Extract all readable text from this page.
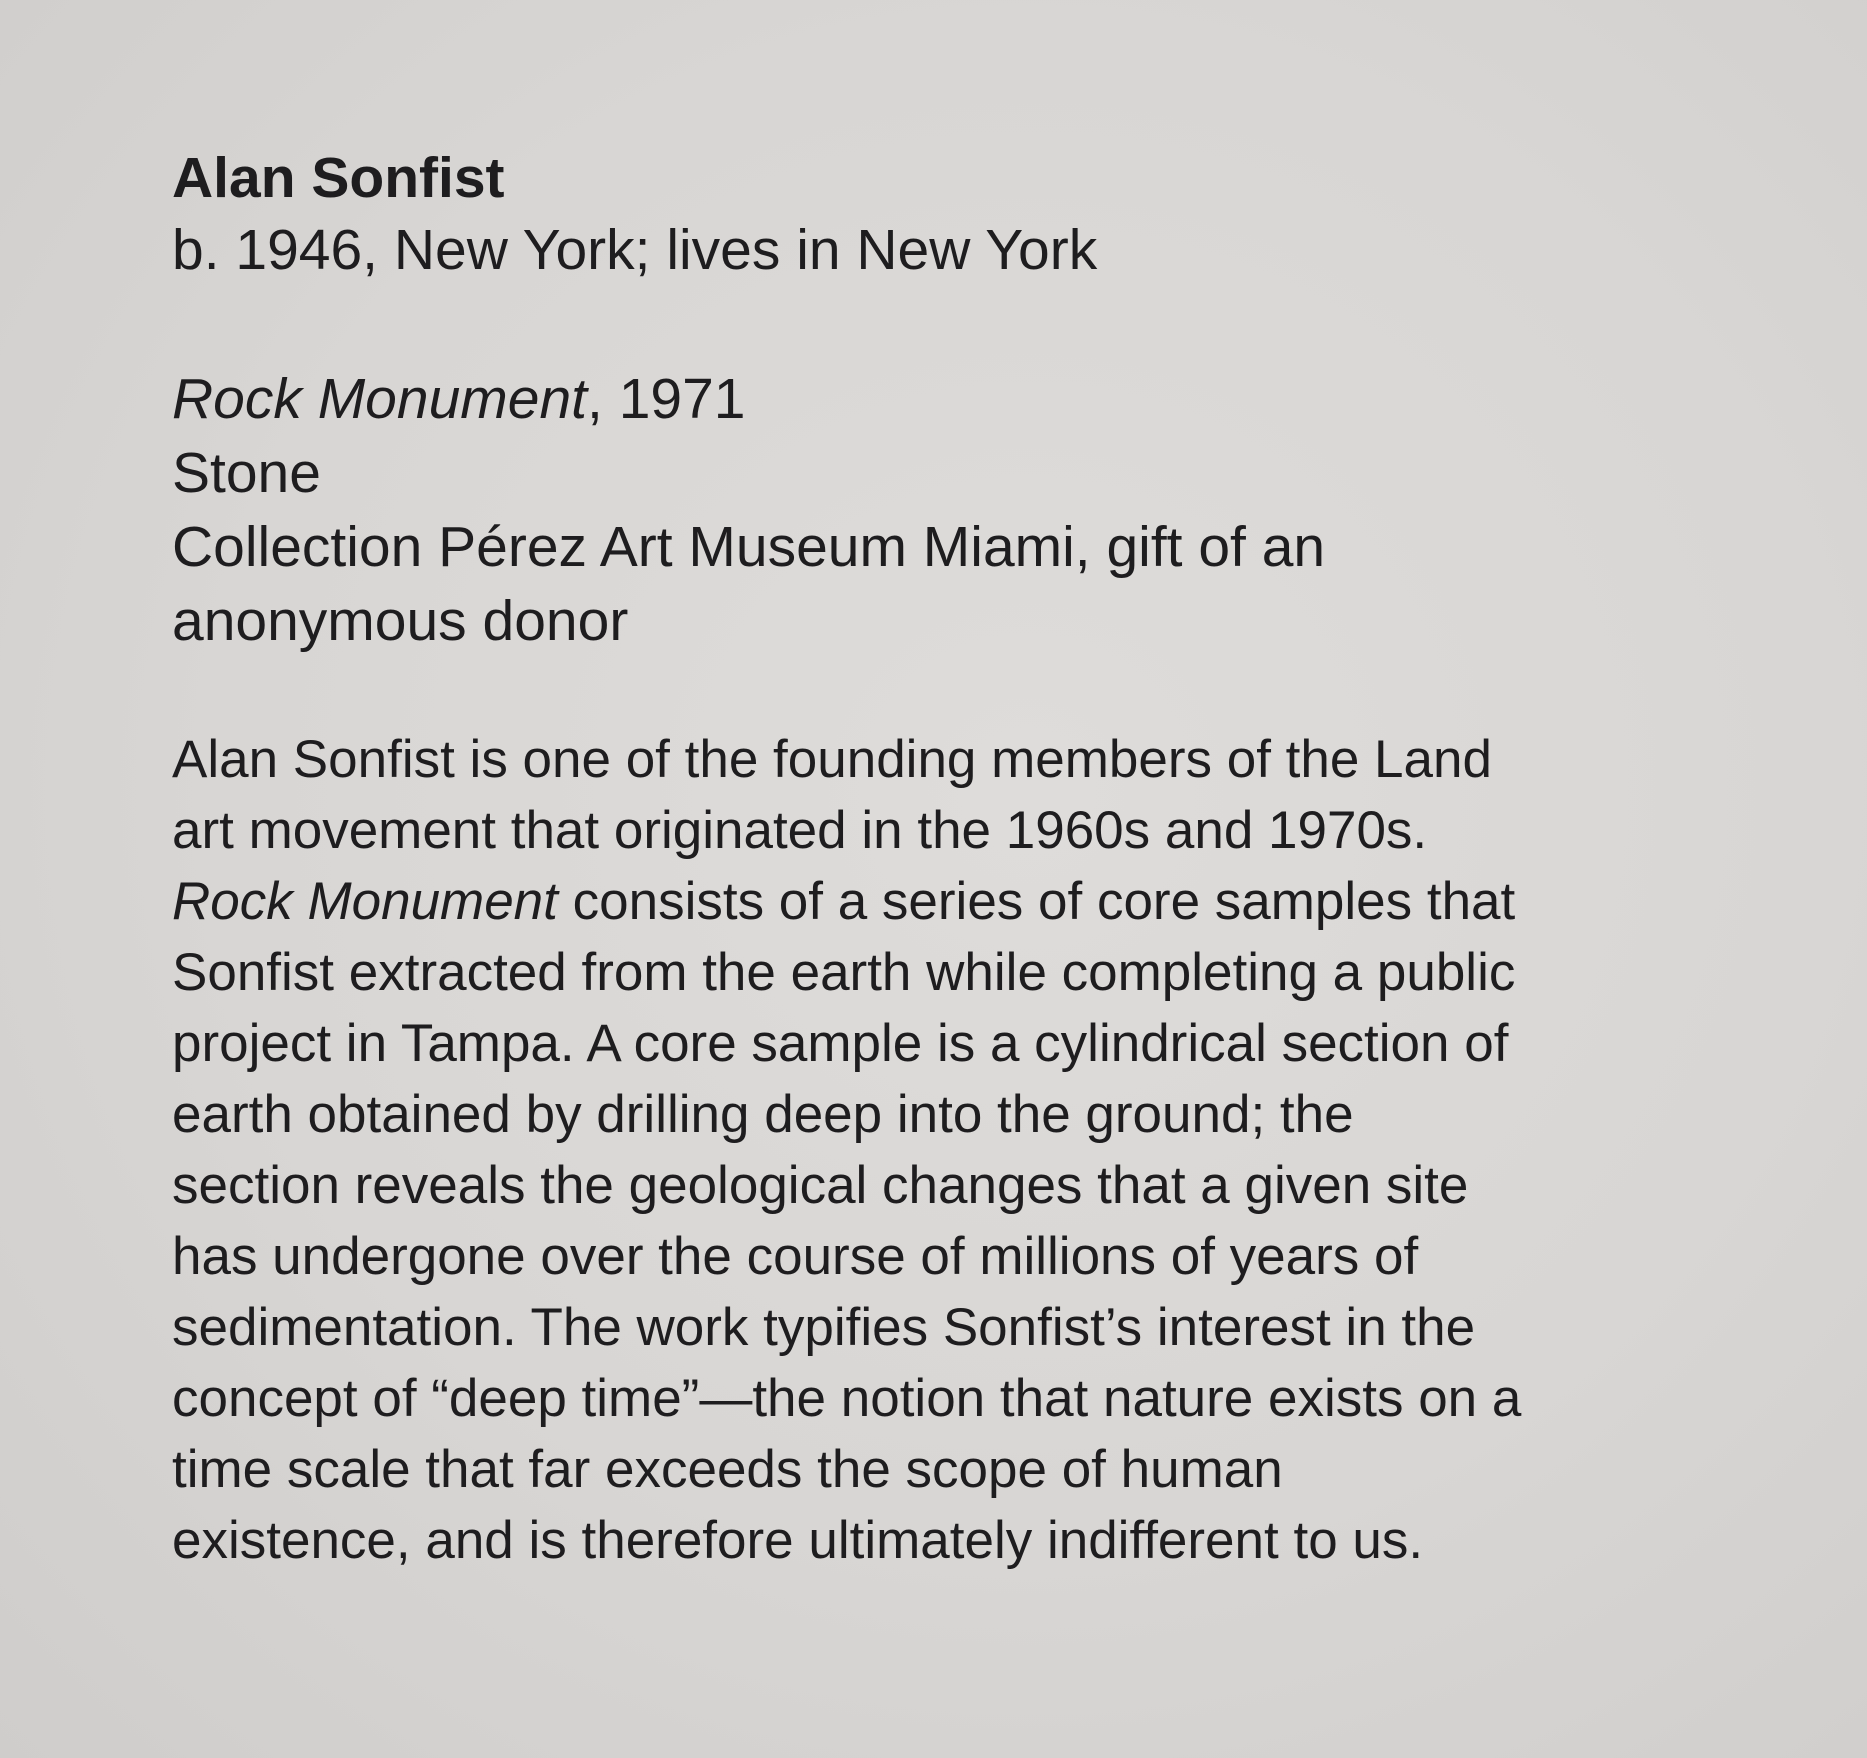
Alan Sonfist

b. 1946, New York; lives in New York

Rock Monument, 1971

Stone

Collection Pérez Art Museum Miami, gift of an

anonymous donor

Alan Sonfist is one of the founding members of the Land

art movement that originated in the 1960s and 1970s.

Rock Monument consists of a series of core samples that

Sonfist extracted from the earth while completing a public

project in Tampa. A core sample is a cylindrical section of

earth obtained by drilling deep into the ground; the

section reveals the geological changes that a given site

has undergone over the course of millions of years of

sedimentation. The work typifies Sonfist’s interest in the

concept of “deep time”—the notion that nature exists on a

time scale that far exceeds the scope of human

existence, and is therefore ultimately indifferent to us.
